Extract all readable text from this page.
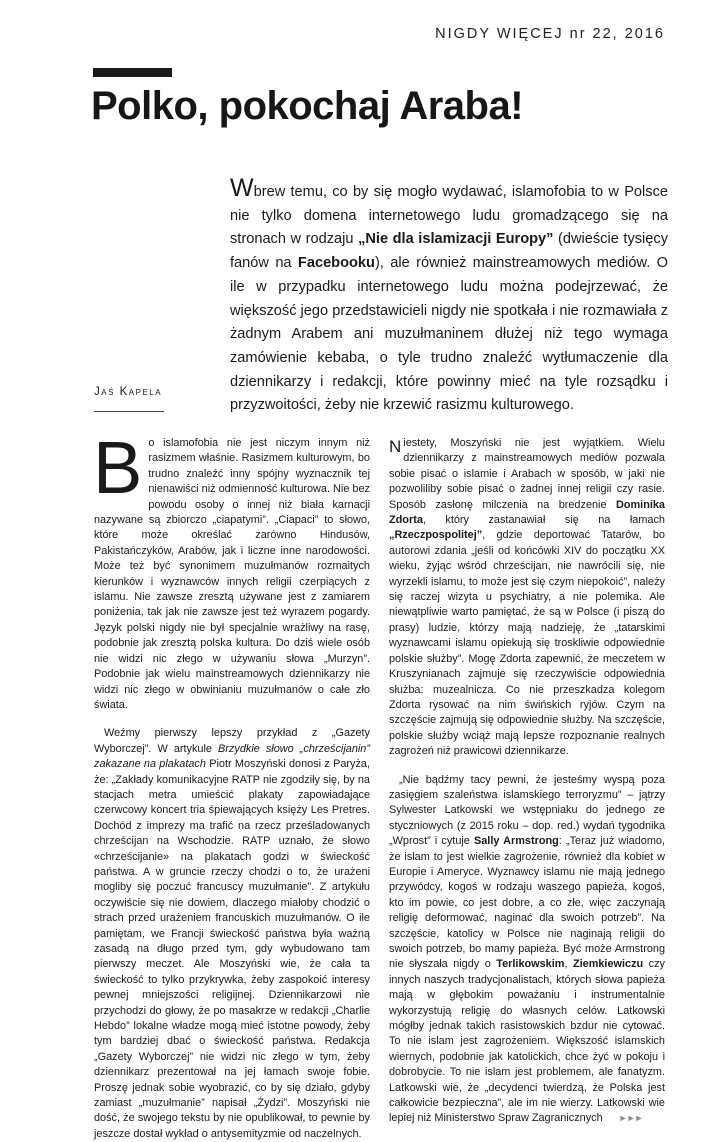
NIGDY WIĘCEJ nr 22, 2016
Polko, pokochaj Araba!

Wbrew temu, co by się mogło wydawać, islamofobia to w Polsce nie tylko domena internetowego ludu gromadzącego się na stronach w rodzaju „Nie dla islamizacji Europy” (dwieście tysięcy fanów na Facebooku), ale również mainstreamowych mediów. O ile w przypadku internetowego ludu można podejrzewać, że większość jego przedstawicieli nigdy nie spotkała i nie rozmawiała z żadnym Arabem ani muzułmaninem dłużej niż tego wymaga zamówienie kebaba, o tyle trudno znaleźć wytłumaczenie dla dziennikarzy i redakcji, które powinny mieć na tyle rozsądku i przyzwoitości, żeby nie krzewić rasizmu kulturowego.

Jaś Kapela

Bo islamofobia nie jest niczym innym niż rasizmem właśnie. Rasizmem kulturowym, bo trudno znaleźć inny spójny wyznacznik tej nienawiści niż odmienność kulturowa. Nie bez powodu osoby o innej niż biała karnacji nazywane są zbiorczo „ciapatymi”. „Ciapaci” to słowo, które może określać zarówno Hindusów, Pakistańczyków, Arabów, jak i liczne inne narodowości. Może też być synonimem muzułmanów rozmaitych kierunków i wyznawców innych religii czerpiących z islamu. Nie zawsze zresztą używane jest z zamiarem poniżenia, tak jak nie zawsze jest też wyrazem pogardy. Język polski nigdy nie był specjalnie wrażliwy na rasę, podobnie jak zresztą polska kultura. Do dziś wiele osób nie widzi nic złego w używaniu słowa „Murzyn”. Podobnie jak wielu mainstreamowych dziennikarzy nie widzi nic złego w obwinianiu muzułmanów o całe zło świata.

Weźmy pierwszy lepszy przykład z „Gazety Wyborczej”. W artykule Brzydkie słowo „chrześcijanin” zakazane na plakatach Piotr Moszyński donosi z Paryża, że: „Zakłady komunikacyjne RATP nie zgodziły się, by na stacjach metra umieścić plakaty zapowiadające czerwcowy koncert tria śpiewających księży Les Pretres. Dochód z imprezy ma trafić na rzecz prześladowanych chrześcijan na Wschodzie. RATP uznało, że słowo «chrześcijanie» na plakatach godzi w świeckość państwa. A w gruncie rzeczy chodzi o to, że urażeni mogliby się poczuć francuscy muzułmanie”. Z artykułu oczywiście się nie dowiem, dlaczego miałoby chodzić o strach przed urażeniem francuskich muzułmanów. O ile pamiętam, we Francji świeckość państwa była ważną zasadą na długo przed tym, gdy wybudowano tam pierwszy meczet. Ale Moszyński wie, że cała ta świeckość to tylko przykrywka, żeby zaspokoić interesy pewnej mniejszości religijnej. Dziennikarzowi nie przychodzi do głowy, że po masakrze w redakcji „Charlie Hebdo” lokalne władze mogą mieć istotne powody, żeby tym bardziej dbać o świeckość państwa. Redakcja „Gazety Wyborczej” nie widzi nic złego w tym, żeby dziennikarz prezentował na jej łamach swoje fobie. Proszę jednak sobie wyobrazić, co by się działo, gdyby zamiast „muzułmanie” napisał „Żydzi”. Moszyński nie dość, że swojego tekstu by nie opublikował, to pewnie by jeszcze dostał wykład o antysemityzmie od naczelnych.

Niestety, Moszyński nie jest wyjątkiem. Wielu dziennikarzy z mainstreamowych mediów pozwala sobie pisać o islamie i Arabach w sposób, w jaki nie pozwoliliby sobie pisać o żadnej innej religii czy rasie. Sposób zasłonę milczenia na bredzenie Dominika Zdorta, który zastanawiał się na łamach „Rzeczpospolitej”, gdzie deportować Tatarów, bo autorowi zdania „jeśli od końcówki XIV do początku XX wieku, żyjąc wśród chrześcijan, nie nawrócili się, nie wyrzekli islamu, to może jest się czym niepokoić”, należy się raczej wizyta u psychiatry, a nie polemika. Ale niewątpliwie warto pamiętać, że są w Polsce (i piszą do prasy) ludzie, którzy mają nadzieję, że „tatarskimi wyznawcami islamu opiekują się troskliwie odpowiednie polskie służby”. Mogę Zdorta zapewnić, że meczetem w Kruszynianach zajmuje się rzeczywiście odpowiednia służba: muzealnicza. Co nie przeszkadza kolegom Zdorta rysować na nim świńskich ryjów. Czym na szczęście zajmują się odpowiednie służby. Na szczęście, polskie służby wciąż mają lepsze rozpoznanie realnych zagrożeń niż prawicowi dziennikarze.

„Nie bądźmy tacy pewni, że jesteśmy wyspą poza zasięgiem szaleństwa islamskiego terroryzmu” – jątrzy Sylwester Latkowski we wstępniaku do jednego ze styczniowych (z 2015 roku – dop. red.) wydań tygodnika „Wprost” i cytuje Sally Armstrong: „Teraz już wiadomo, że islam to jest wielkie zagrożenie, również dla kobiet w Europie i Ameryce. Wyznawcy islamu nie mają jednego przywódcy, kogoś w rodzaju waszego papieża, kogoś, kto im powie, co jest dobre, a co złe, więc zaczynają religię deformować, naginać dla swoich potrzeb”. Na szczęście, katolicy w Polsce nie naginają religii do swoich potrzeb, bo mamy papieża. Być może Armstrong nie słyszała nigdy o Terlikowskim, Ziemkiewiczu czy innych naszych tradycjonalistach, których słowa papieża mają w głębokim poważaniu i instrumentalnie wykorzystują religię do własnych celów. Latkowski mógłby jednak takich rasistowskich bzdur nie cytować. To nie islam jest zagrożeniem. Większość islamskich wiernych, podobnie jak katolickich, chce żyć w pokoju i dobrobycie. To nie islam jest problemem, ale fanatyzm. Latkowski wie, że „decydenci twierdzą, że Polska jest całkowicie bezpieczna”, ale im nie wierzy. Latkowski wie lepiej niż Ministerstwo Spraw Zagranicznych ►►►
